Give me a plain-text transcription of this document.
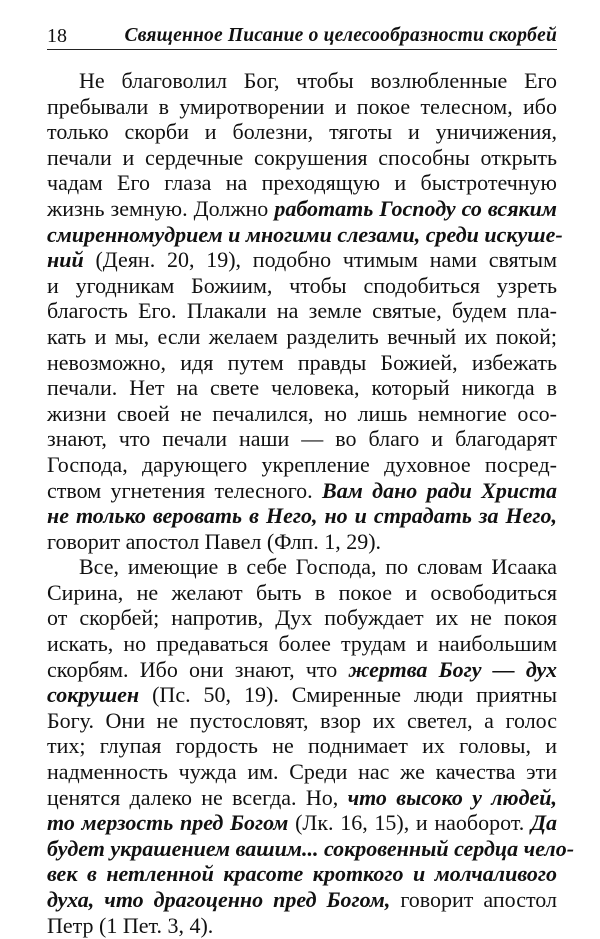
18	Священное Писание о целесообразности скорбей
Не благоволил Бог, чтобы возлюбленные Его
пребывали в умиротворении и покое телесном, ибо
только скорби и болезни, тяготы и уничижения,
печали и сердечные сокрушения способны открыть
чадам Его глаза на преходящую и быстротечную
жизнь земную. Должно работать Господу со всяким
смиренномудрием и многими слезами, среди искуше-
ний (Деян. 20, 19), подобно чтимым нами святым
и угодникам Божиим, чтобы сподобиться узреть
благость Его. Плакали на земле святые, будем пла-
кать и мы, если желаем разделить вечный их покой;
невозможно, идя путем правды Божией, избежать
печали. Нет на свете человека, который никогда в
жизни своей не печалился, но лишь немногие осо-
знают, что печали наши — во благо и благодарят
Господа, дарующего укрепление духовное посред-
ством угнетения телесного. Вам дано ради Христа
не только веровать в Него, но и страдать за Него,
говорит апостол Павел (Флп. 1, 29).
Все, имеющие в себе Господа, по словам Исаака
Сирина, не желают быть в покое и освободиться
от скорбей; напротив, Дух побуждает их не покоя
искать, но предаваться более трудам и наибольшим
скорбям. Ибо они знают, что жертва Богу — дух
сокрушен (Пс. 50, 19). Смиренные люди приятны
Богу. Они не пустословят, взор их светел, а голос
тих; глупая гордость не поднимает их головы, и
надменность чужда им. Среди нас же качества эти
ценятся далеко не всегда. Но, что высоко у людей,
то мерзость пред Богом (Лк. 16, 15), и наоборот. Да
будет украшением вашим... сокровенный сердца чело-
век в нетленной красоте кроткого и молчаливого
духа, что драгоценно пред Богом, говорит апостол
Петр (1 Пет. 3, 4).
